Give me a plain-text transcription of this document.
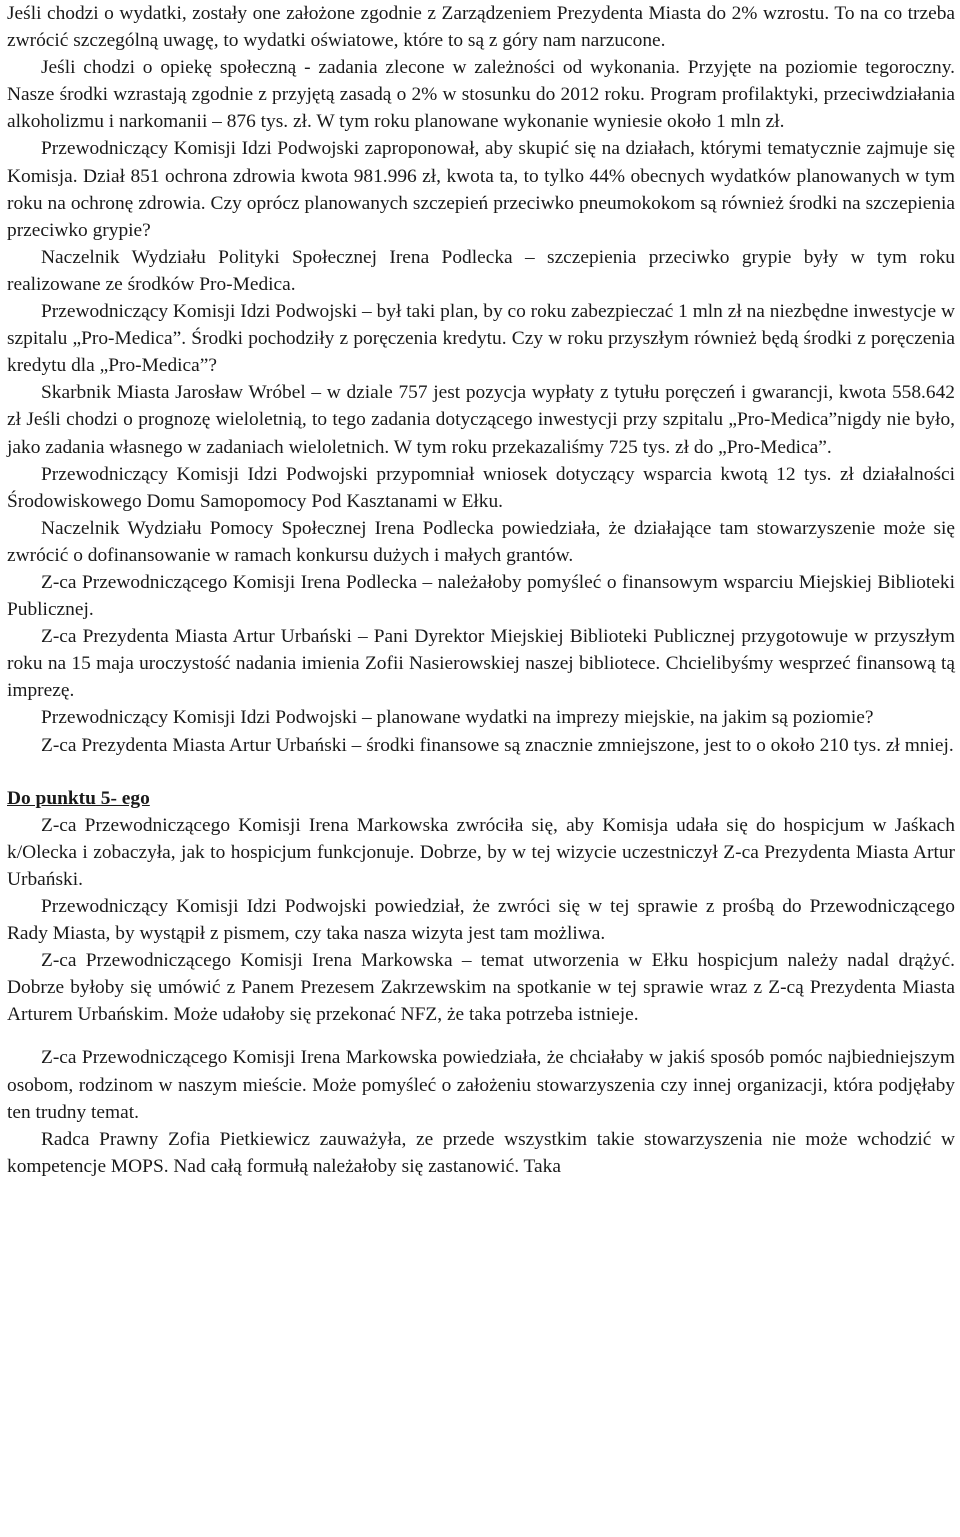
Jeśli chodzi o wydatki, zostały one założone zgodnie z Zarządzeniem Prezydenta Miasta do 2% wzrostu. To na co trzeba zwrócić szczególną uwagę, to wydatki oświatowe, które to są z góry nam narzucone.

Jeśli chodzi o opiekę społeczną - zadania zlecone w zależności od wykonania. Przyjęte na poziomie tegoroczny. Nasze środki wzrastają zgodnie z przyjętą zasadą o 2% w stosunku do 2012 roku. Program profilaktyki, przeciwdziałania alkoholizmu i narkomanii – 876 tys. zł. W tym roku planowane wykonanie wyniesie około 1 mln zł.

Przewodniczący Komisji Idzi Podwojski zaproponował, aby skupić się na działach, którymi tematycznie zajmuje się Komisja. Dział 851 ochrona zdrowia kwota 981.996 zł, kwota ta, to tylko 44% obecnych wydatków planowanych w tym roku na ochronę zdrowia. Czy oprócz planowanych szczepień przeciwko pneumokokom są również środki na szczepienia przeciwko grypie?

Naczelnik Wydziału Polityki Społecznej Irena Podlecka – szczepienia przeciwko grypie były w tym roku realizowane ze środków Pro-Medica.

Przewodniczący Komisji Idzi Podwojski – był taki plan, by co roku zabezpieczać 1 mln zł na niezbędne inwestycje w szpitalu „Pro-Medica”. Środki pochodziły z poręczenia kredytu. Czy w roku przyszłym również będą środki z poręczenia kredytu dla „Pro-Medica”?

Skarbnik Miasta Jarosław Wróbel – w dziale 757 jest pozycja wypłaty z tytułu poręczeń i gwarancji, kwota 558.642 zł Jeśli chodzi o prognozę wieloletnią, to tego zadania dotyczącego inwestycji przy szpitalu „Pro-Medica”nigdy nie było, jako zadania własnego w zadaniach wieloletnich. W tym roku przekazaliśmy 725 tys. zł do „Pro-Medica”.

Przewodniczący Komisji Idzi Podwojski przypomniał wniosek dotyczący wsparcia kwotą 12 tys. zł działalności Środowiskowego Domu Samopomocy Pod Kasztanami w Ełku.

Naczelnik Wydziału Pomocy Społecznej Irena Podlecka powiedziała, że działające tam stowarzyszenie może się zwrócić o dofinansowanie w ramach konkursu dużych i małych grantów.

Z-ca Przewodniczącego Komisji Irena Podlecka – należałoby pomyśleć o finansowym wsparciu Miejskiej Biblioteki Publicznej.

Z-ca Prezydenta Miasta Artur Urbański – Pani Dyrektor Miejskiej Biblioteki Publicznej przygotowuje w przyszłym roku na 15 maja uroczystość nadania imienia Zofii Nasierowskiej naszej bibliotece. Chcielibyśmy wesprzeć finansową tą imprezę.

Przewodniczący Komisji Idzi Podwojski – planowane wydatki na imprezy miejskie, na jakim są poziomie?

Z-ca Prezydenta Miasta Artur Urbański – środki finansowe są znacznie zmniejszone, jest to o około 210 tys. zł mniej.

Do punktu 5- ego

Z-ca Przewodniczącego Komisji Irena Markowska zwróciła się, aby Komisja udała się do hospicjum w Jaśkach k/Olecka i zobaczyła, jak to hospicjum funkcjonuje. Dobrze, by w tej wizycie uczestniczył Z-ca Prezydenta Miasta Artur Urbański.

Przewodniczący Komisji Idzi Podwojski powiedział, że zwróci się w tej sprawie z prośbą do Przewodniczącego Rady Miasta, by wystąpił z pismem, czy taka nasza wizyta jest tam możliwa.

Z-ca Przewodniczącego Komisji Irena Markowska – temat utworzenia w Ełku hospicjum należy nadal drążyć. Dobrze byłoby się umówić z Panem Prezesem Zakrzewskim na spotkanie w tej sprawie wraz z Z-cą Prezydenta Miasta Arturem Urbańskim. Może udałoby się przekonać NFZ, że taka potrzeba istnieje.

Z-ca Przewodniczącego Komisji Irena Markowska powiedziała, że chciałaby w jakiś sposób pomóc najbiedniejszym osobom, rodzinom w naszym mieście. Może pomyśleć o założeniu stowarzyszenia czy innej organizacji, która podjęłaby ten trudny temat.

Radca Prawny Zofia Pietkiewicz zauważyła, ze przede wszystkim takie stowarzyszenia nie może wchodzić w kompetencje MOPS. Nad całą formułą należałoby się zastanowić. Taka
